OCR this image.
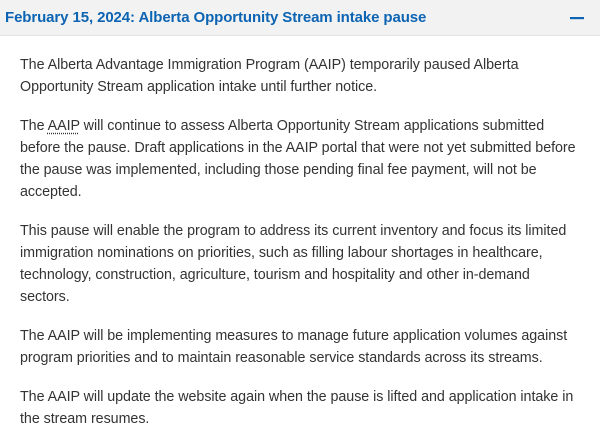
February 15, 2024: Alberta Opportunity Stream intake pause

The Alberta Advantage Immigration Program (AAIP) temporarily paused Alberta Opportunity Stream application intake until further notice.

The AAIP will continue to assess Alberta Opportunity Stream applications submitted before the pause. Draft applications in the AAIP portal that were not yet submitted before the pause was implemented, including those pending final fee payment, will not be accepted.

This pause will enable the program to address its current inventory and focus its limited immigration nominations on priorities, such as filling labour shortages in healthcare, technology, construction, agriculture, tourism and hospitality and other in-demand sectors.

The AAIP will be implementing measures to manage future application volumes against program priorities and to maintain reasonable service standards across its streams.

The AAIP will update the website again when the pause is lifted and application intake in the stream resumes.
